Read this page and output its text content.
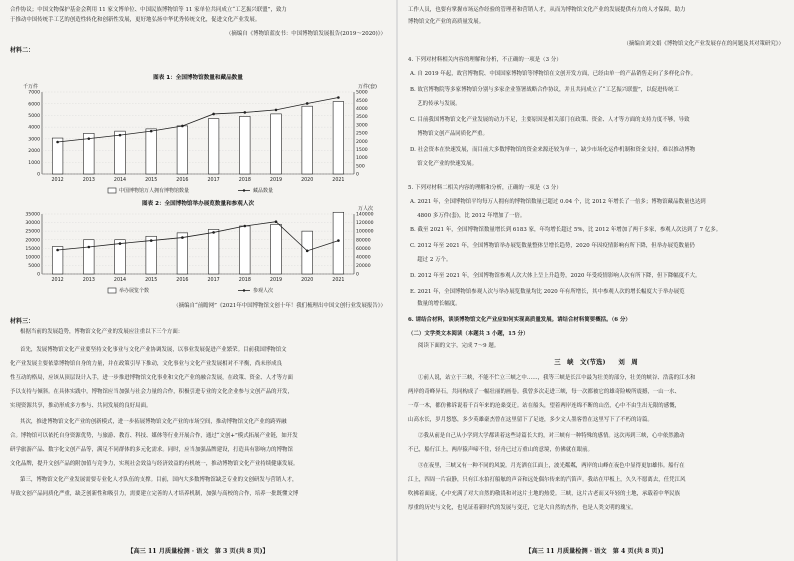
合作协议；中国文物保护基金会利用 11 家文博单位、中国民族博物馆等 11 家单位共同成立“工艺振兴联盟”，致力
于推动中国传统手工艺的创造性转化和创新性发展，更好地弘扬中华优秀传统文化，促进文化产业发展。
（摘编自《博物馆蓝皮书：中国博物馆发展报告(2019～2020)》）
材料二：
图表 1：全国博物馆数量和藏品数量
千万件	万件(套)
0
1000
2000
3000
4000
5000
6000
7000
0
500
1000
1500
2000
2500
3000
3500
4000
4500
5000
2012	2013	2014	2015	2016	2017	2018	2019	2020	2021
中国博物馆万人拥有博物馆数量	藏品数量
图表 2：全国博物馆举办展览数量和参观人次
万人次
0
5000
10000
15000
20000
25000
30000
35000
0
20000
40000
60000
80000
100000
120000
140000
2012	2013	2014	2015	2016	2017	2018	2019	2020	2021
举办展览个数	参观人次
（摘编自“前瞻网”《2021年中国博物馆文创十年！我们梳理出中国文创行业发展报告》）
材料三：
根据当前的发展趋势，博物馆文化产业的发展应注重以下三个方面：
首先，发展博物馆文化产业要坚持文化事业与文化产业协调发展，以事业发展促进产业繁荣。目前我国博物馆文
化产业发展主要依靠博物馆自身的力量，并在政策引导下推动，文化事业与文化产业发展相对不平衡，尚未形成良
性互动的格局，应该从顶层设计入手，进一步推进博物馆文化事业和文化产业的融合发展，在政策、资金、人才等方面
予以支持与倾斜。在具体实践中，博物馆应当加强与社会力量的合作，积极引进专业的文化企业参与文创产品的开发，
实现资源共享，推动形成多方参与、共同发展的良好局面。
其次，推进博物馆文化产业的创新模式，进一步拓展博物馆文化产业的市场空间，推动博物馆文化产业的跨界融
合。博物馆可以依托自身资源优势，与旅游、教育、科技、媒体等行业开展合作，通过“文创+”模式拓展产业链，如开发
研学旅游产品、数字化文创产品等，满足不同群体的多元化需求。同时，应当加强品牌建设，打造具有影响力的博物馆
文化品牌，提升文创产品的附加值与竞争力，实现社会效益与经济效益的有机统一，推动博物馆文化产业持续健康发展。
第三，博物馆文化产业发展需要专业化人才队伍的支撑。目前，国内大多数博物馆缺乏专业的文创研发与营销人才，
导致文创产品同质化严重，缺乏创新性和吸引力，需要建立完善的人才培养机制，加强与高校的合作，培养一批既懂文博
【高三 11 月质量检测 · 语文　第 3 页(共 8 页)】
工作人员，也要有掌握市场运作经验的管理者和营销人才，从而为博物馆文化产业的发展提供有力的人才保障，助力
博物馆文化产业的高质量发展。
（摘编自刘文娟《博物馆文化产业发展存在的问题及其对策研究》）
4. 下列对材料相关内容的理解和分析，不正确的一项是（3 分）
A. 自 2019 年起，故宫博物院、中国国家博物馆等博物馆在文创开发方面，已经由单一的产品销售走向了多样化合作。
B. 故宫博物院等多家博物馆分别与多家企业签署战略合作协议，并且共同成立了“工艺振兴联盟”，以促进传统工
　 艺的传承与发展。
C. 目前我国博物馆文化产业发展的动力不足，主要原因是相关部门在政策、资金、人才等方面的支持力度不够，导致
　 博物馆文创产品同质化严重。
D. 社会资本在快速发展，而目前大多数博物馆的资金来源还较为单一，缺少市场化运作机制和资金支持，难以推动博物
　 馆文化产业的快速发展。
5. 下列对材料二相关内容的理解和分析，正确的一项是（3 分）
A. 2021 年，全国博物馆平均每万人拥有的博物馆数量已超过 0.04 个，比 2012 年增长了一倍多；博物馆藏品数量也达到
　 4800 多万件(套)，比 2012 年增加了一倍。
B. 截至 2021 年，全国博物馆数量增长到 6183 家，年均增长超过 5%，比 2012 年增加了两千多家，参观人次达到了 7 亿多。
C. 2012 年至 2021 年，全国博物馆举办展览数量整体呈增长趋势，2020 年因疫情影响有所下降，但举办展览数量仍
　 超过 2 万个。
D. 2012 年至 2021 年，全国博物馆参观人次大体上呈上升趋势，2020 年受疫情影响人次有所下降，但下降幅度不大。
E. 2021 年，全国博物馆参观人次与举办展览数量均比 2020 年有所增长，其中参观人次的增长幅度大于举办展览
　 数量的增长幅度。
6. 请结合材料，谈谈博物馆文化产业应如何实现高质量发展。请结合材料简要概括。（6 分）
（二）文学类文本阅读（本题共 3 小题，15 分）
阅读下面的文字，完成 7～9 题。
三　峡　文(节选)　　刘　周
①前人说，站立于三峡，不能不伫立三峡之中……，我等三峡是长江中最为壮美的部分，壮美的峡谷、浩荡的江水和
两岸的奇峰异石，共同构成了一幅壮丽的画卷。我曾多次走进三峡，每一次都被它的雄奇险峻所震撼，一山一水、
一草一木，都仿佛诉说着千百年来的沧桑变迁。站在船头，望着两岸连绵不断的山峦，心中不由生出无限的感慨，
山高水长，岁月悠悠，多少英雄豪杰曾在这里留下了足迹，多少文人墨客曾在这里写下了不朽的诗篇。
②我从前是自己从小学到大学都读着这些诗篇长大的，对三峡有一种特殊的感情。这次再到三峡，心中依然激动
不已，船行江上，两岸猿声啼不住，轻舟已过万重山的意境，仿佛就在眼前。
③在夜里，三峡又有一种不同的风貌。月光洒在江面上，波光粼粼，两岸的山峰在夜色中显得更加雄伟。船行在
江上，四周一片寂静，只有江水拍打船舷的声音和远处偶尔传来的汽笛声。我站在甲板上，久久不愿离去，任凭江风
吹拂着面庞，心中充满了对大自然的敬畏和对这片土地的热爱。三峡，这片古老而又年轻的土地，承载着中华民族
厚重的历史与文化，也见证着新时代的发展与变迁，它是大自然的杰作，也是人类文明的瑰宝。
【高三 11 月质量检测 · 语文　第 4 页(共 8 页)】
